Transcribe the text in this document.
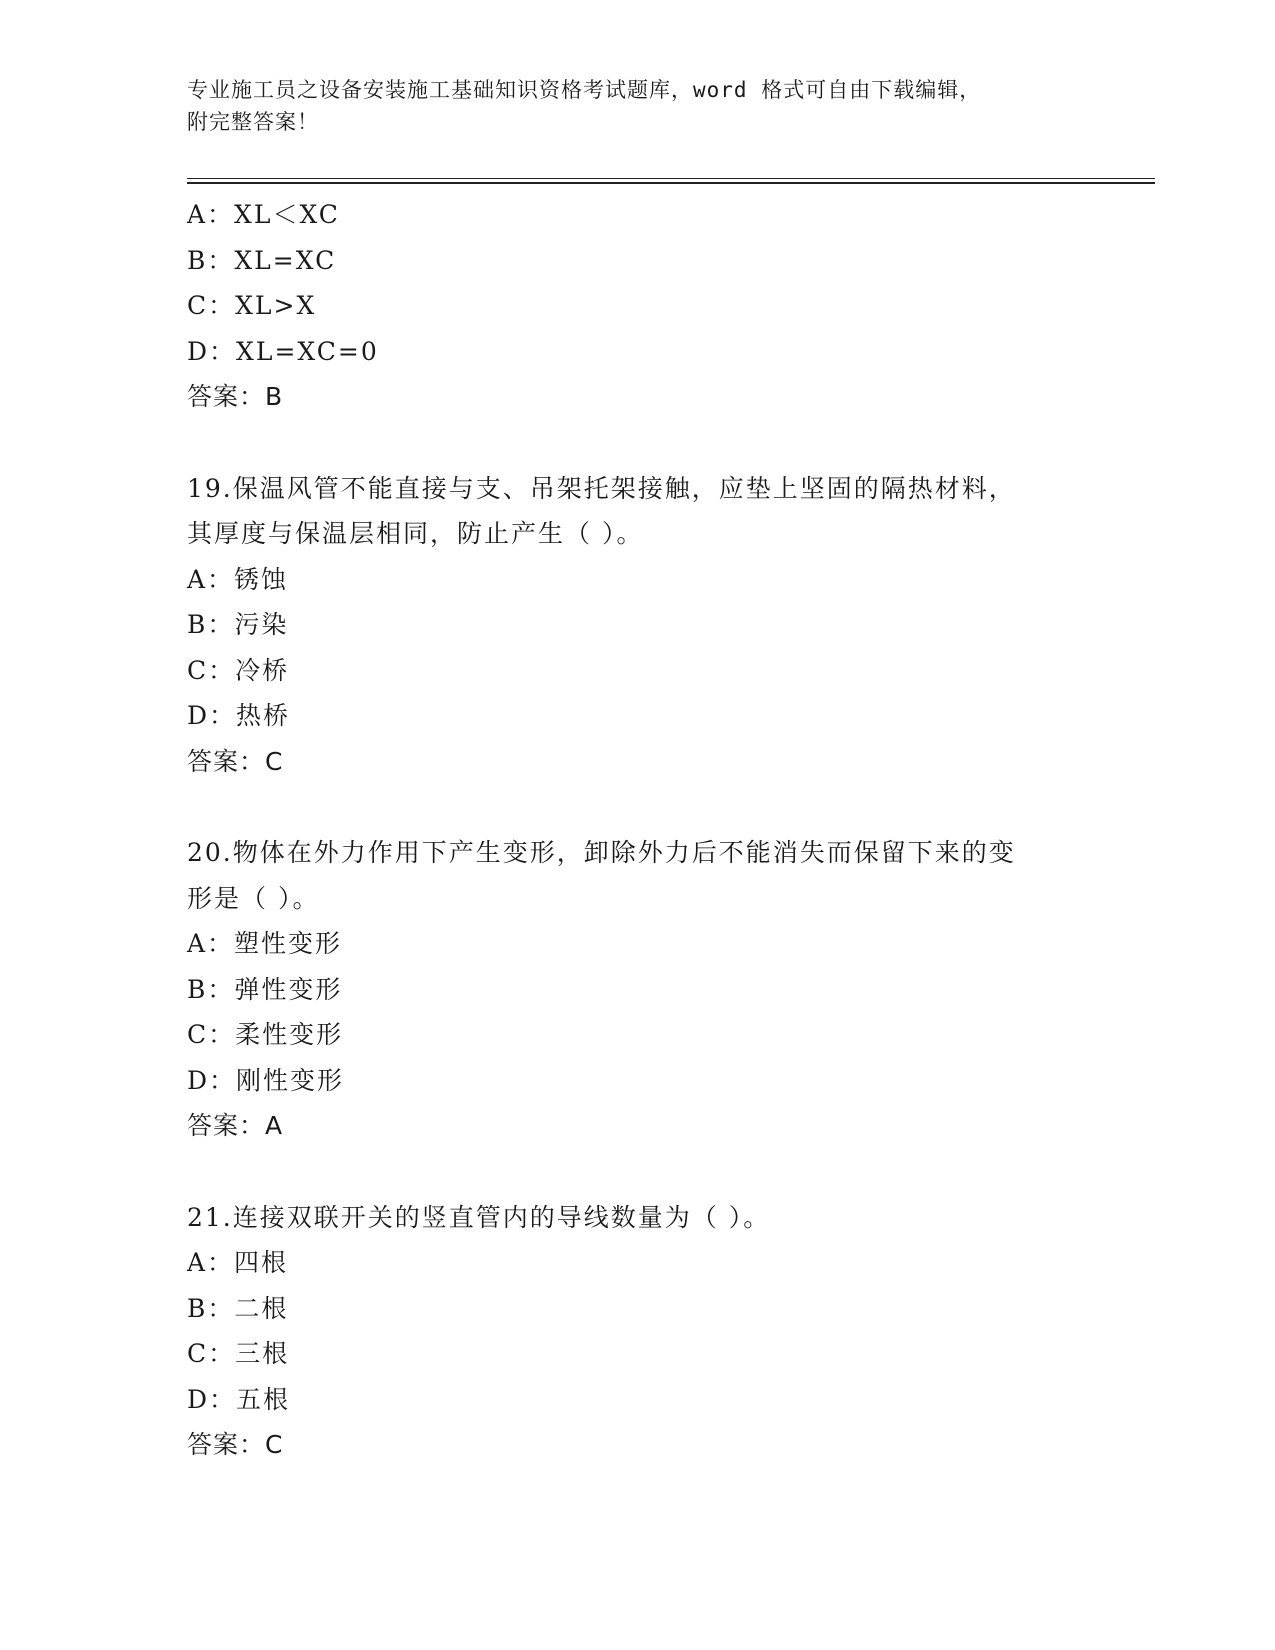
专业施工员之设备安装施工基础知识资格考试题库，word 格式可自由下载编辑，
附完整答案！
A：XL＜XC
B：XL=XC
C：XL>X
D：XL=XC=0
答案：B
19.保温风管不能直接与支、吊架托架接触，应垫上坚固的隔热材料，
其厚度与保温层相同，防止产生（ ）。
A：锈蚀
B：污染
C：冷桥
D：热桥
答案：C
20.物体在外力作用下产生变形，卸除外力后不能消失而保留下来的变
形是（ ）。
A：塑性变形
B：弹性变形
C：柔性变形
D：刚性变形
答案：A
21.连接双联开关的竖直管内的导线数量为（ ）。
A：四根
B：二根
C：三根
D：五根
答案：C
